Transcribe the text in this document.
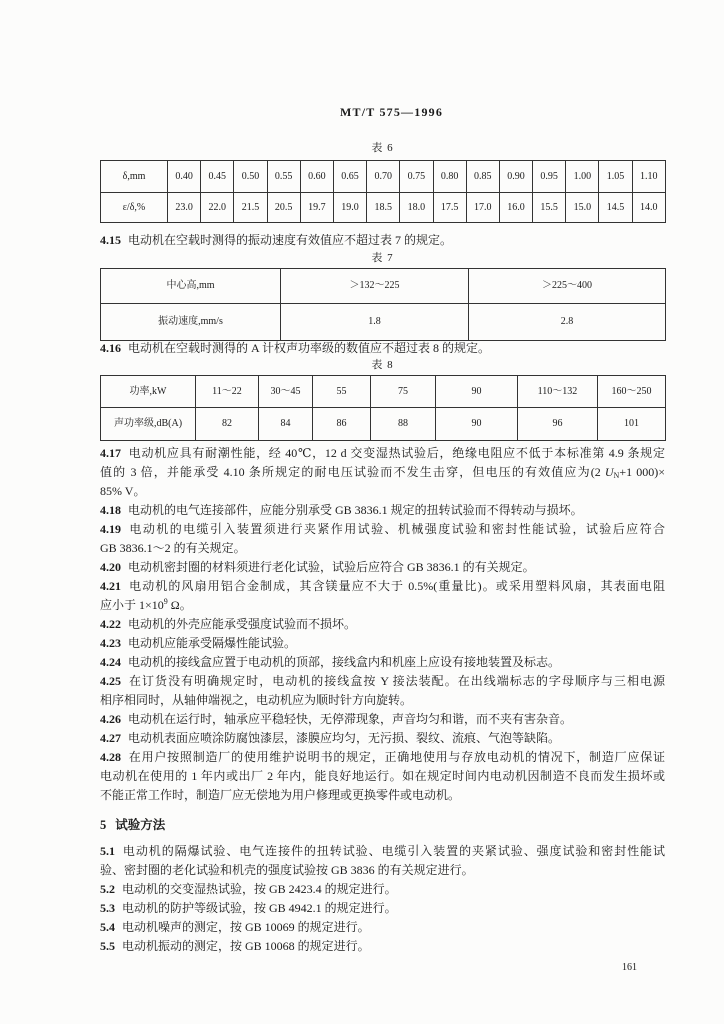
MT/T 575—1996
表 6
δ,mm	0.40	0.45	0.50	0.55	0.60	0.65	0.70	0.75	0.80	0.85	0.90	0.95	1.00	1.05	1.10
ε/δ,%	23.0	22.0	21.5	20.5	19.7	19.0	18.5	18.0	17.5	17.0	16.0	15.5	15.0	14.5	14.0
4.15 电动机在空载时测得的振动速度有效值应不超过表 7 的规定。
表 7
中心高,mm	＞132～225	＞225～400
振动速度,mm/s	1.8	2.8
4.16 电动机在空载时测得的 A 计权声功率级的数值应不超过表 8 的规定。
表 8
功率,kW	11～22	30～45	55	75	90	110～132	160～250
声功率级,dB(A)	82	84	86	88	90	96	101
4.17 电动机应具有耐潮性能，经 40℃，12 d 交变湿热试验后，绝缘电阻应不低于本标准第 4.9 条规定
值的 3 倍，并能承受 4.10 条所规定的耐电压试验而不发生击穿，但电压的有效值应为(2 $U_N+1$ 000)×
85% V。
4.18 电动机的电气连接部件，应能分别承受 GB 3836.1 规定的扭转试验而不得转动与损坏。
4.19 电动机的电缆引入装置须进行夹紧作用试验、机械强度试验和密封性能试验，试验后应符合
GB 3836.1～2 的有关规定。
4.20 电动机密封圈的材料须进行老化试验，试验后应符合 GB 3836.1 的有关规定。
4.21 电动机的风扇用铝合金制成，其含镁量应不大于 0.5%(重量比)。或采用塑料风扇，其表面电阻
应小于 $1\times 10^9$ Ω。
4.22 电动机的外壳应能承受强度试验而不损坏。
4.23 电动机应能承受隔爆性能试验。
4.24 电动机的接线盒应置于电动机的顶部，接线盒内和机座上应设有接地装置及标志。
4.25 在订货没有明确规定时，电动机的接线盒按 Y 接法装配。在出线端标志的字母顺序与三相电源
相序相同时，从轴伸端视之，电动机应为顺时针方向旋转。
4.26 电动机在运行时，轴承应平稳轻快，无停滞现象，声音均匀和谐，而不夹有害杂音。
4.27 电动机表面应喷涂防腐蚀漆层，漆膜应均匀，无污损、裂纹、流痕、气泡等缺陷。
4.28 在用户按照制造厂的使用维护说明书的规定，正确地使用与存放电动机的情况下，制造厂应保证
电动机在使用的 1 年内或出厂 2 年内，能良好地运行。如在规定时间内电动机因制造不良而发生损坏或
不能正常工作时，制造厂应无偿地为用户修理或更换零件或电动机。
5 试验方法
5.1 电动机的隔爆试验、电气连接件的扭转试验、电缆引入装置的夹紧试验、强度试验和密封性能试
验、密封圈的老化试验和机壳的强度试验按 GB 3836 的有关规定进行。
5.2 电动机的交变湿热试验，按 GB 2423.4 的规定进行。
5.3 电动机的防护等级试验，按 GB 4942.1 的规定进行。
5.4 电动机噪声的测定，按 GB 10069 的规定进行。
5.5 电动机振动的测定，按 GB 10068 的规定进行。
161
